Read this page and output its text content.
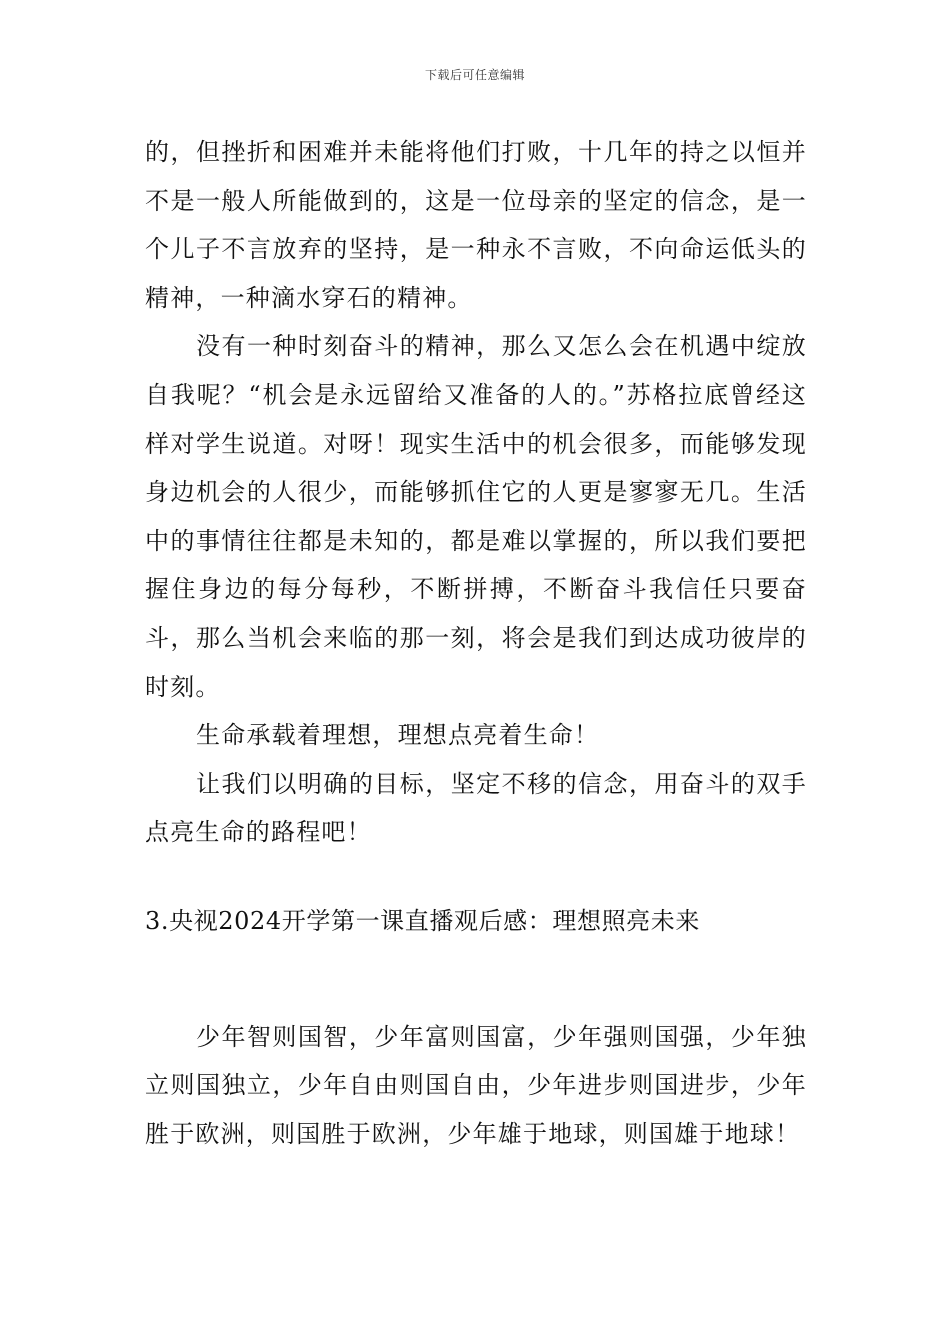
下载后可任意编辑

的，但挫折和困难并未能将他们打败，十几年的持之以恒并不是一般人所能做到的，这是一位母亲的坚定的信念，是一个儿子不言放弃的坚持，是一种永不言败，不向命运低头的精神，一种滴水穿石的精神。

没有一种时刻奋斗的精神，那么又怎么会在机遇中绽放自我呢？“机会是永远留给又准备的人的。”苏格拉底曾经这样对学生说道。对呀！现实生活中的机会很多，而能够发现身边机会的人很少，而能够抓住它的人更是寥寥无几。生活中的事情往往都是未知的，都是难以掌握的，所以我们要把握住身边的每分每秒，不断拼搏，不断奋斗我信任只要奋斗，那么当机会来临的那一刻，将会是我们到达成功彼岸的时刻。

生命承载着理想，理想点亮着生命！

让我们以明确的目标，坚定不移的信念，用奋斗的双手点亮生命的路程吧！

3.央视2024开学第一课直播观后感：理想照亮未来

少年智则国智，少年富则国富，少年强则国强，少年独立则国独立，少年自由则国自由，少年进步则国进步，少年胜于欧洲，则国胜于欧洲，少年雄于地球，则国雄于地球！
